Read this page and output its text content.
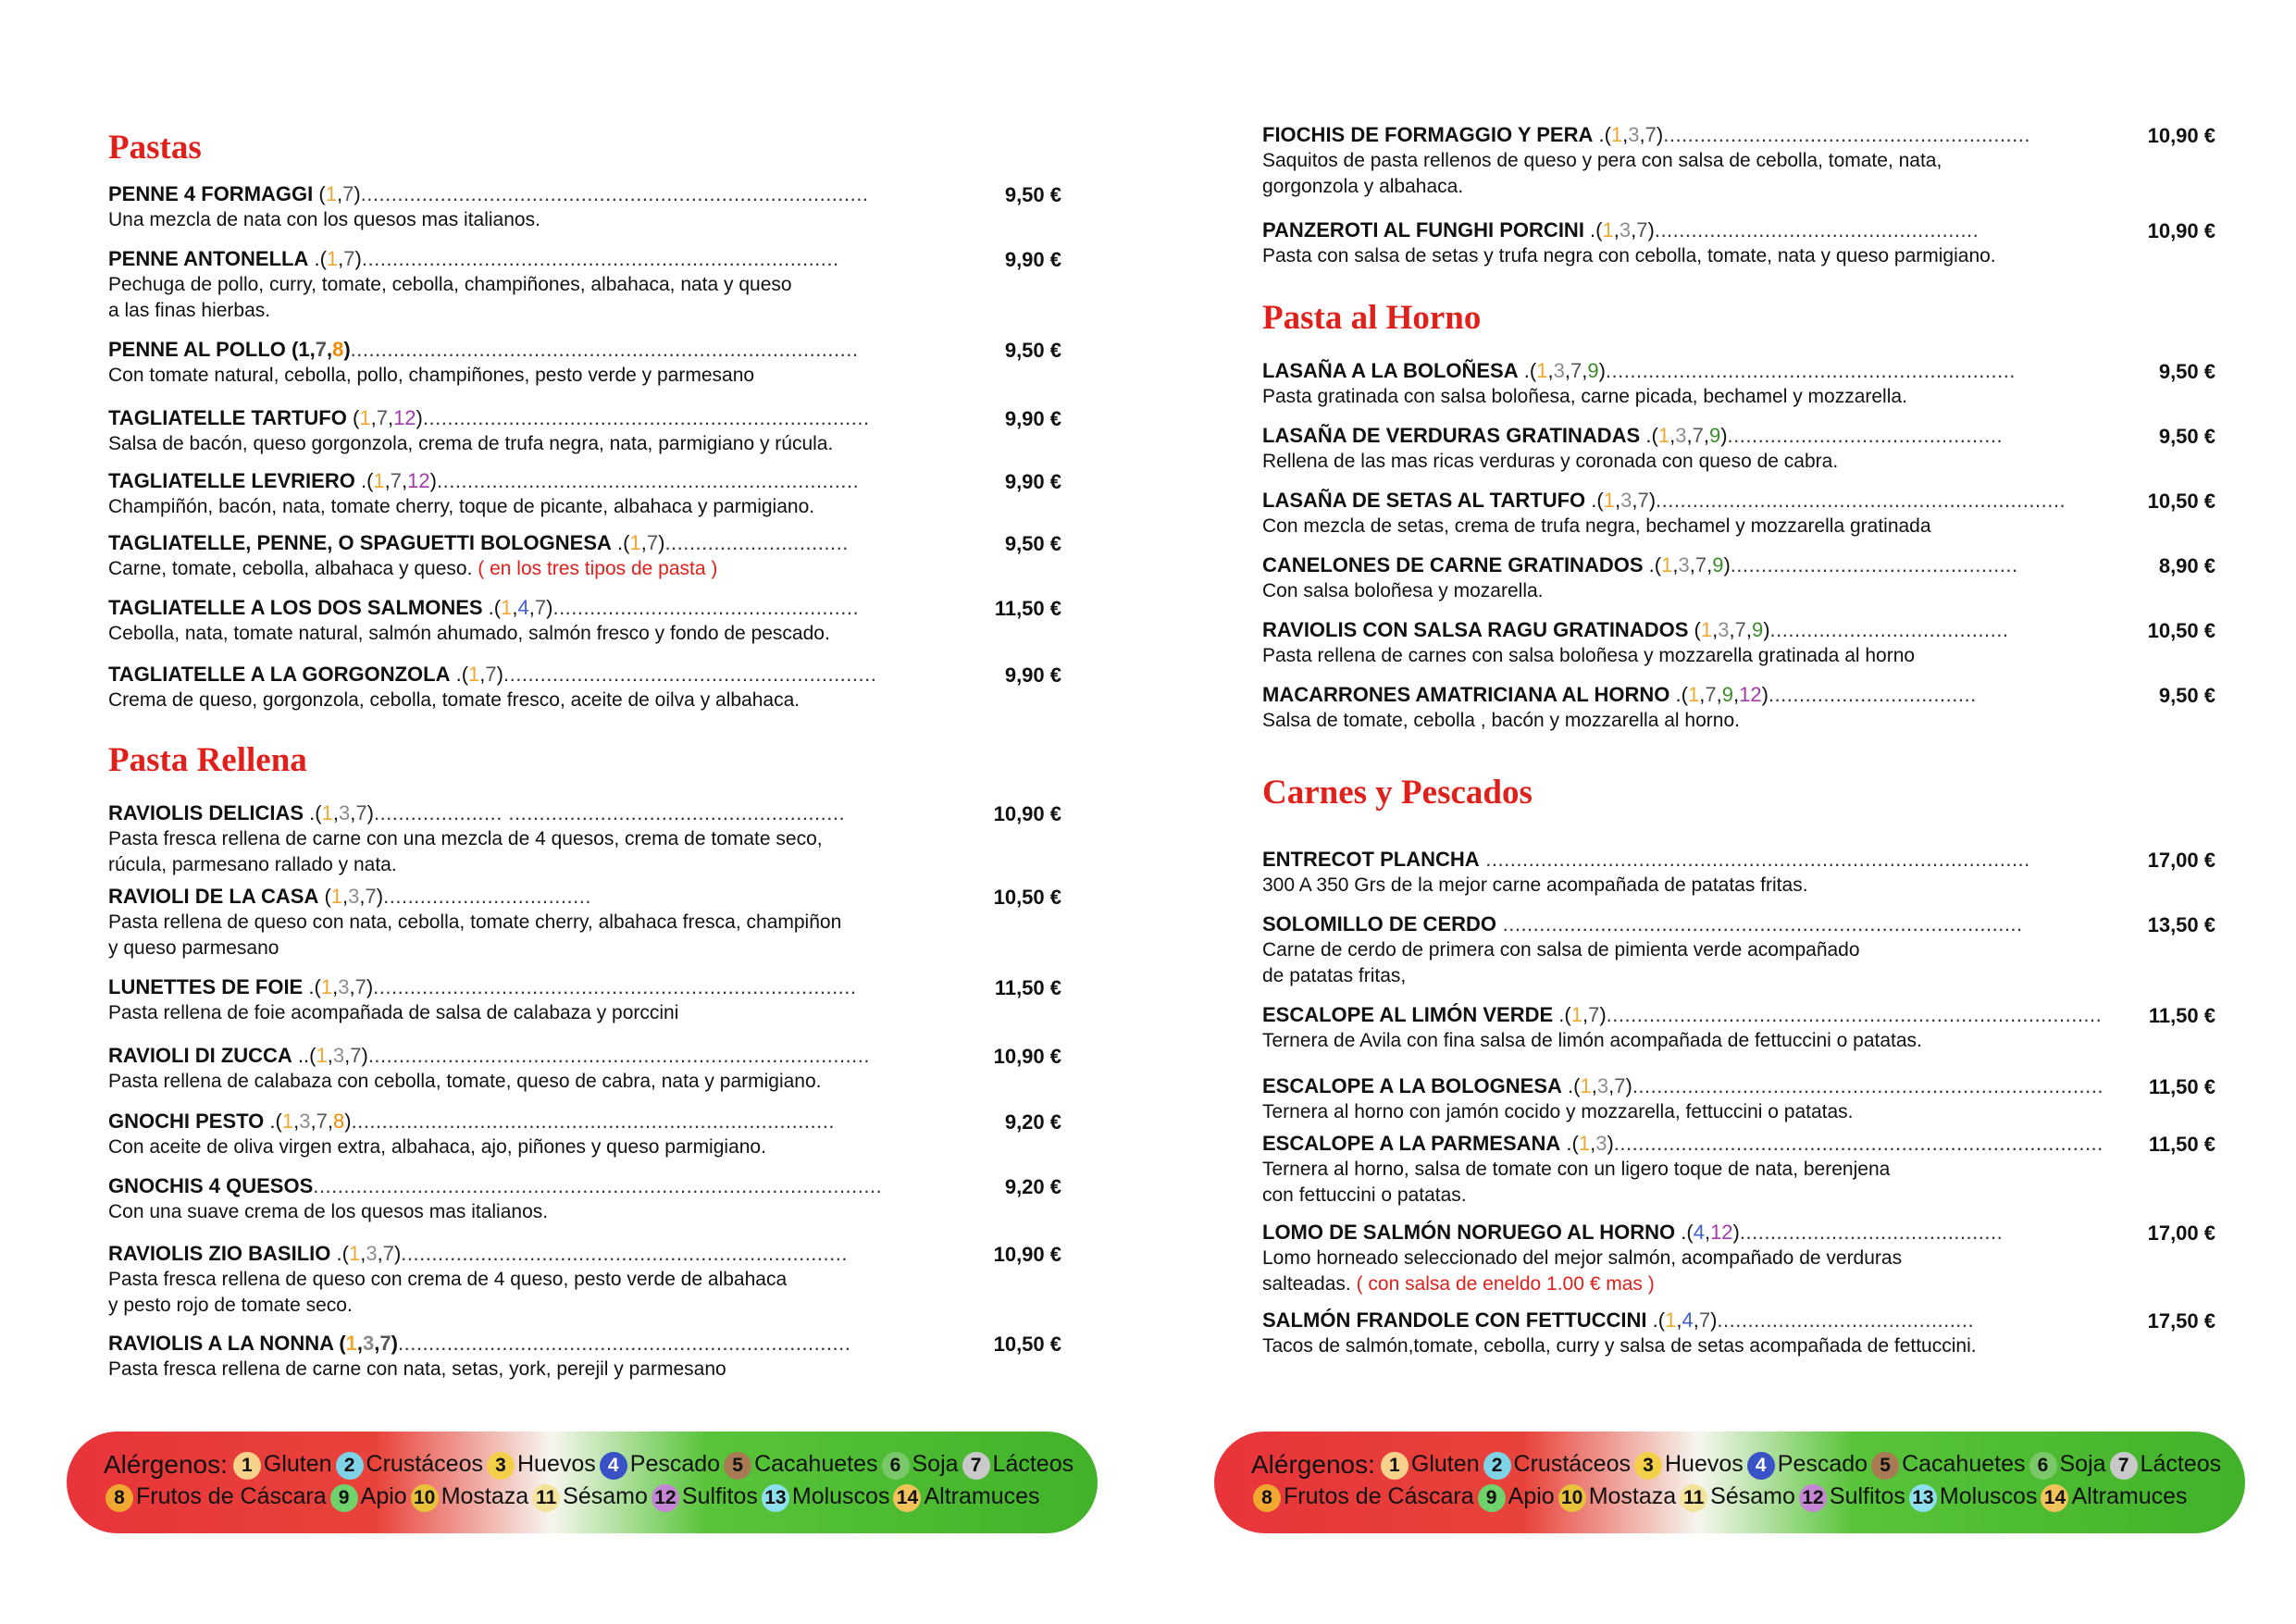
Pastas
PENNE 4 FORMAGGI (1,7)...................................................................................	9,50 €
Una mezcla de nata con los quesos mas italianos.
PENNE ANTONELLA .(1,7)..............................................................................	9,90 €
Pechuga de pollo, curry, tomate, cebolla, champiñones, albahaca, nata y queso
a las finas hierbas.
PENNE AL POLLO (1,7,8)...................................................................................	9,50 €
Con tomate natural, cebolla, pollo, champiñones, pesto verde y parmesano
TAGLIATELLE TARTUFO (1,7,12).........................................................................	9,90 €
Salsa de bacón, queso gorgonzola, crema de trufa negra, nata, parmigiano y rúcula.
TAGLIATELLE LEVRIERO .(1,7,12).....................................................................	9,90 €
Champiñón, bacón, nata, tomate cherry, toque de picante, albahaca y parmigiano.
TAGLIATELLE, PENNE, O SPAGUETTI BOLOGNESA .(1,7)..............................	9,50 €
Carne, tomate, cebolla, albahaca y queso. ( en los tres tipos de pasta )
TAGLIATELLE A LOS DOS SALMONES .(1,4,7)..................................................	11,50 €
Cebolla, nata, tomate natural, salmón ahumado, salmón fresco y fondo de pescado.
TAGLIATELLE A LA GORGONZOLA .(1,7).............................................................	9,90 €
Crema de queso, gorgonzola, cebolla, tomate fresco, aceite de oilva y albahaca.
Pasta Rellena
RAVIOLIS DELICIAS .(1,3,7)..................... .......................................................	10,90 €
Pasta fresca rellena de carne con una mezcla de 4 quesos, crema de tomate seco,
rúcula, parmesano rallado y nata.
RAVIOLI DE LA CASA (1,3,7)..................................	10,50 €
Pasta rellena de queso con nata, cebolla, tomate cherry, albahaca fresca, champiñon
y queso parmesano
LUNETTES DE FOIE .(1,3,7)...............................................................................	11,50 €
Pasta rellena de foie acompañada de salsa de calabaza y porccini
RAVIOLI DI ZUCCA ..(1,3,7)..................................................................................	10,90 €
Pasta rellena de calabaza con cebolla, tomate, queso de cabra, nata y parmigiano.
GNOCHI PESTO .(1,3,7,8)...............................................................................	9,20 €
Con aceite de oliva virgen extra, albahaca, ajo, piñones y queso parmigiano.
GNOCHIS 4 QUESOS.............................................................................................	9,20 €
Con una suave crema de los quesos mas italianos.
RAVIOLIS ZIO BASILIO .(1,3,7).........................................................................	10,90 €
Pasta fresca rellena de queso con crema de 4 queso, pesto verde de albahaca
y pesto rojo de tomate seco.
RAVIOLIS A LA NONNA (1,3,7)..........................................................................	10,50 €
Pasta fresca rellena de carne con nata, setas, york, perejil y parmesano
FIOCHIS DE FORMAGGIO Y PERA .(1,3,7)............................................................	10,90 €
Saquitos de pasta rellenos de queso y pera con salsa de cebolla, tomate, nata,
gorgonzola y albahaca.
PANZEROTI AL FUNGHI PORCINI .(1,3,7).....................................................	10,90 €
Pasta con salsa de setas y trufa negra con cebolla, tomate, nata y queso parmigiano.
Pasta al Horno
LASAÑA A LA BOLOÑESA .(1,3,7,9)...................................................................	9,50 €
Pasta gratinada con salsa boloñesa, carne picada, bechamel y mozzarella.
LASAÑA DE VERDURAS GRATINADAS .(1,3,7,9).............................................	9,50 €
Rellena de las mas ricas verduras y coronada con queso de cabra.
LASAÑA DE SETAS AL TARTUFO .(1,3,7)...................................................................	10,50 €
Con mezcla de setas, crema de trufa negra, bechamel y mozzarella gratinada
CANELONES DE CARNE GRATINADOS .(1,3,7,9)...............................................	8,90 €
Con salsa boloñesa y mozarella.
RAVIOLIS CON SALSA RAGU GRATINADOS (1,3,7,9).......................................	10,50 €
Pasta rellena de carnes con salsa boloñesa y mozzarella gratinada al horno
MACARRONES AMATRICIANA AL HORNO .(1,7,9,12)..................................	9,50 €
Salsa de tomate, cebolla , bacón y mozzarella al horno.
Carnes y Pescados
ENTRECOT PLANCHA .........................................................................................	17,00 €
300 A 350 Grs de la mejor carne acompañada de patatas fritas.
SOLOMILLO DE CERDO .....................................................................................	13,50 €
Carne de cerdo de primera con salsa de pimienta verde acompañado
de patatas fritas,
ESCALOPE AL LIMÓN VERDE .(1,7).................................................................................	11,50 €
Ternera de Avila con fina salsa de limón acompañada de fettuccini o patatas.
ESCALOPE A LA BOLOGNESA .(1,3,7).............................................................................	11,50 €
Ternera al horno con jamón cocido y mozzarella, fettuccini o patatas.
ESCALOPE A LA PARMESANA .(1,3)................................................................................	11,50 €
Ternera al horno, salsa de tomate con un ligero toque de nata, berenjena
con fettuccini o patatas.
LOMO DE SALMÓN NORUEGO AL HORNO .(4,12)...........................................	17,00 €
Lomo horneado seleccionado del mejor salmón, acompañado de verduras
salteadas. ( con salsa de eneldo 1.00 € mas )
SALMÓN FRANDOLE CON FETTUCCINI .(1,4,7)..........................................	17,50 €
Tacos de salmón,tomate, cebolla, curry y salsa de setas acompañada de fettuccini.
Alérgenos: 1 Gluten 2 Crustáceos 3 Huevos 4 Pescado 5 Cacahuetes 6 Soja 7 Lácteos
8 Frutos de Cáscara 9 Apio 10 Mostaza 11 Sésamo 12 Sulfitos 13 Moluscos 14 Altramuces
Alérgenos: 1 Gluten 2 Crustáceos 3 Huevos 4 Pescado 5 Cacahuetes 6 Soja 7 Lácteos
8 Frutos de Cáscara 9 Apio 10 Mostaza 11 Sésamo 12 Sulfitos 13 Moluscos 14 Altramuces
